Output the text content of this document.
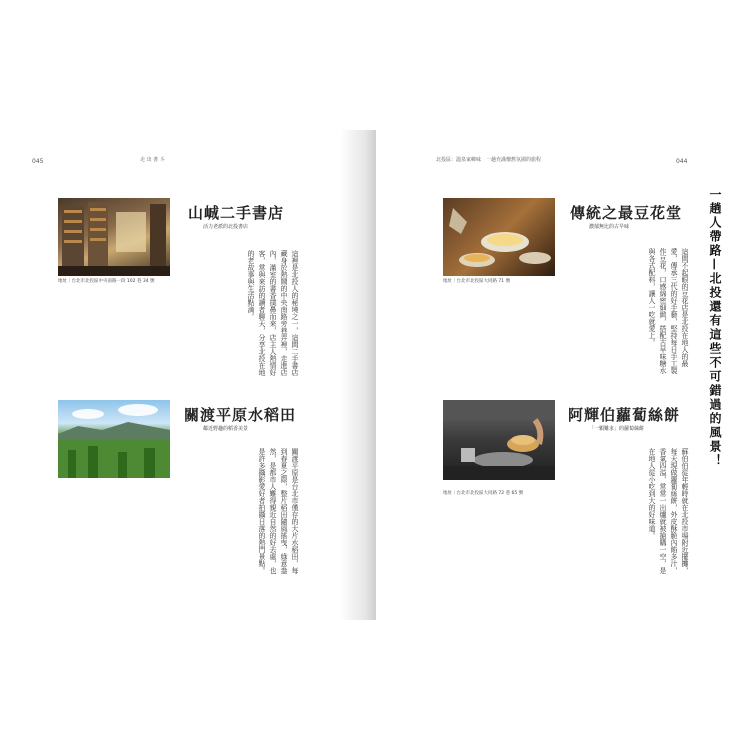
045	走 出 書 斗
地址｜台北市北投區中央南路一段 102 巷 34 號
山峸二手書店
活力老派的北投書店
這裡是北投人的秘境之一，這間二手書店藏身於熱鬧的中央南路旁巷弄裡，走進店內，滿室的書香撲鼻而來，店主人熱情好客，常與來訪的讀者聊天，分享北投在地的老故事與生活點滴。
關渡平原水稻田
鄰近野趣的稻香美景
關渡平原是台北市僅存的大片水稻田，每到春夏之際，整片稻田隨風搖曳，綠意盎然，是都市人難得親近自然的好去處，也是許多攝影愛好者拍攝日落的熱門景點。
北投區：溫泉家鄉味　一趟充滿懷舊氛圍的旅程	044
地址｜台北市北投區大同路 71 號
傳統之最豆花堂
濃郁無比的古早味
這間不起眼的豆花店是北投在地人的最愛，傳承三代的好手藝，堅持每日手工製作豆花，口感綿密細緻，搭配古早味糖水與各式配料，讓人一吃就愛上。
地址｜台北市北投區大同路 72 巷 65 號
阿輝伯蘿蔔絲餅
「一顆難求」的蘿蔔絲餅
蘇伯伯從年輕時就在北投市場附近擺攤，每天現做蘿蔔絲餅，外皮酥脆內餡多汁，香氣四溢，常常一出爐就被搶購一空，是在地人從小吃到大的好味道。
一趟人帶路—北投還有這些不可錯過的風景！
